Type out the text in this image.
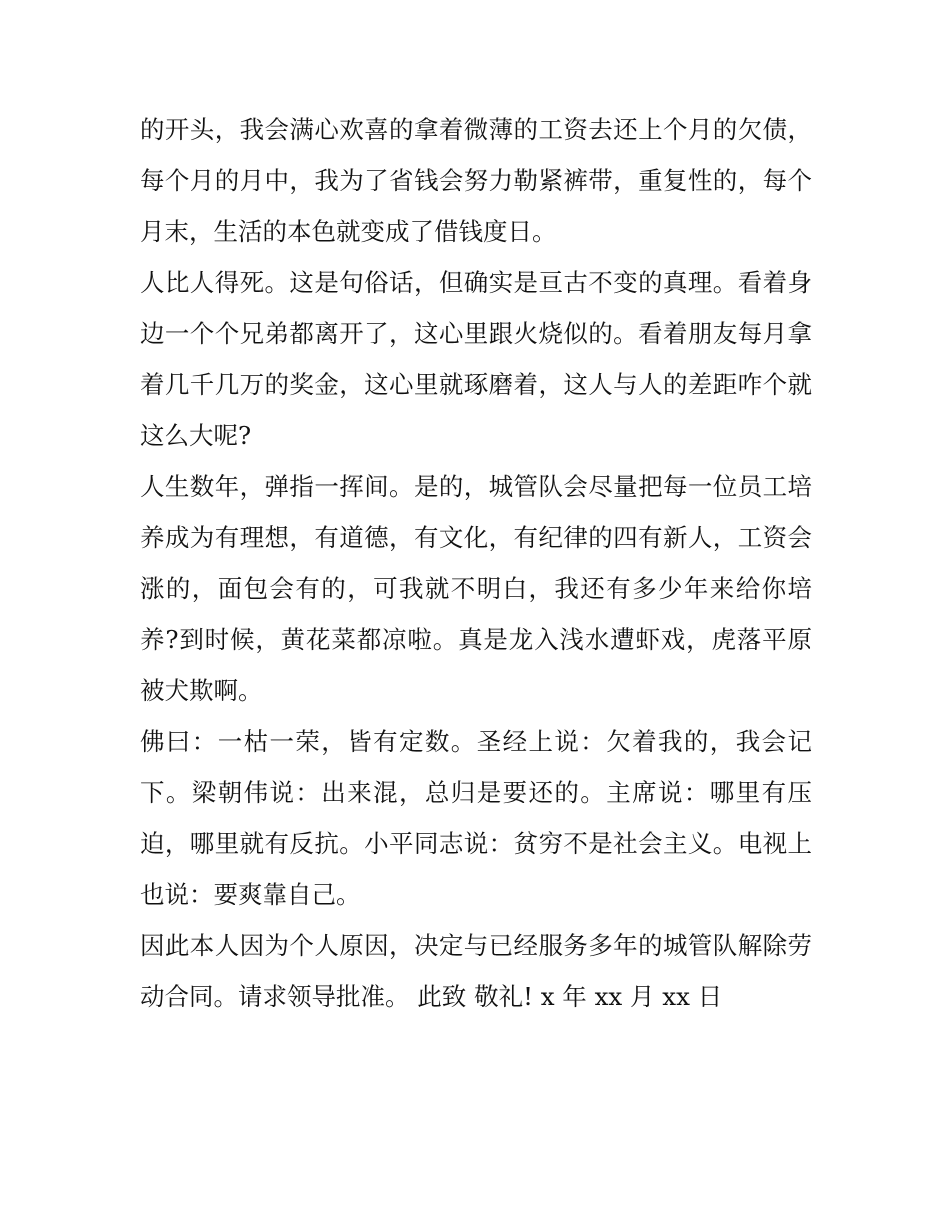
的开头，我会满心欢喜的拿着微薄的工资去还上个月的欠债，每个月的月中，我为了省钱会努力勒紧裤带，重复性的，每个月末，生活的本色就变成了借钱度日。

人比人得死。这是句俗话，但确实是亘古不变的真理。看着身边一个个兄弟都离开了，这心里跟火烧似的。看着朋友每月拿着几千几万的奖金，这心里就琢磨着，这人与人的差距咋个就这么大呢?

人生数年，弹指一挥间。是的，城管队会尽量把每一位员工培养成为有理想，有道德，有文化，有纪律的四有新人，工资会涨的，面包会有的，可我就不明白，我还有多少年来给你培养?到时候，黄花菜都凉啦。真是龙入浅水遭虾戏，虎落平原被犬欺啊。

佛曰：一枯一荣，皆有定数。圣经上说：欠着我的，我会记下。梁朝伟说：出来混，总归是要还的。主席说：哪里有压迫，哪里就有反抗。小平同志说：贫穷不是社会主义。电视上也说：要爽靠自己。

因此本人因为个人原因，决定与已经服务多年的城管队解除劳动合同。请求领导批准。 此致 敬礼! x 年 xx 月 xx 日
